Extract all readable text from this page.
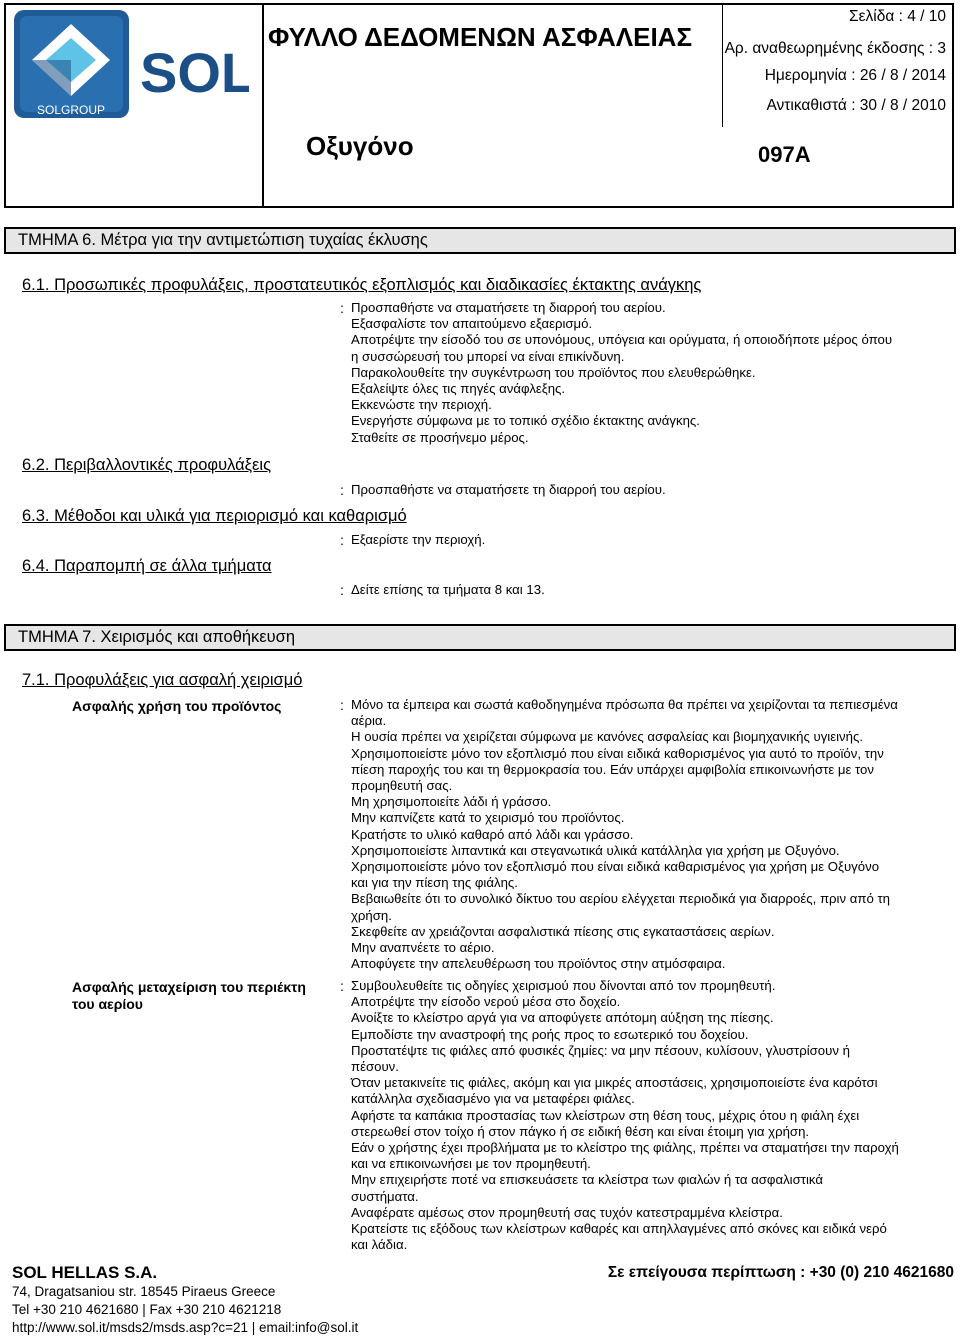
SOLGROUP
SOL
ΦΥΛΛΟ ΔΕΔΟΜΕΝΩΝ ΑΣΦΑΛΕΙΑΣ
Σελίδα : 4 / 10
Αρ. αναθεωρημένης έκδοσης : 3
Ημερομηνία : 26 / 8 / 2014
Αντικαθιστά : 30 / 8 / 2010
Οξυγόνο	097A
ΤΜΗΜΑ 6. Μέτρα για την αντιμετώπιση τυχαίας έκλυσης
6.1. Προσωπικές προφυλάξεις, προστατευτικός εξοπλισμός και διαδικασίες έκτακτης ανάγκης
: Προσπαθήστε να σταματήσετε τη διαρροή του αερίου.
Εξασφαλίστε τον απαιτούμενο εξαερισμό.
Αποτρέψτε την είσοδό του σε υπονόμους, υπόγεια και ορύγματα, ή οποιοδήποτε μέρος όπου
η συσσώρευσή του μπορεί να είναι επικίνδυνη.
Παρακολουθείτε την συγκέντρωση του προϊόντος που ελευθερώθηκε.
Εξαλείψτε όλες τις πηγές ανάφλεξης.
Εκκενώστε την περιοχή.
Ενεργήστε σύμφωνα με το τοπικό σχέδιο έκτακτης ανάγκης.
Σταθείτε σε προσήνεμο μέρος.
6.2. Περιβαλλοντικές προφυλάξεις
: Προσπαθήστε να σταματήσετε τη διαρροή του αερίου.
6.3. Μέθοδοι και υλικά για περιορισμό και καθαρισμό
: Εξαερίστε την περιοχή.
6.4. Παραπομπή σε άλλα τμήματα
: Δείτε επίσης τα τμήματα 8 και 13.
ΤΜΗΜΑ 7. Χειρισμός και αποθήκευση
7.1. Προφυλάξεις για ασφαλή χειρισμό
Ασφαλής χρήση του προϊόντος	: Μόνο τα έμπειρα και σωστά καθοδηγημένα πρόσωπα θα πρέπει να χειρίζονται τα πεπιεσμένα
αέρια.
Η ουσία πρέπει να χειρίζεται σύμφωνα με κανόνες ασφαλείας και βιομηχανικής υγιεινής.
Χρησιμοποιείστε μόνο τον εξοπλισμό που είναι ειδικά καθορισμένος για αυτό το προϊόν, την
πίεση παροχής του και τη θερμοκρασία του. Εάν υπάρχει αμφιβολία επικοινωνήστε με τον
προμηθευτή σας.
Μη χρησιμοποιείτε λάδι ή γράσσο.
Μην καπνίζετε κατά το χειρισμό του προϊόντος.
Κρατήστε το υλικό καθαρό από λάδι και γράσσο.
Χρησιμοποιείστε λιπαντικά και στεγανωτικά υλικά κατάλληλα για χρήση με Οξυγόνο.
Χρησιμοποιείστε μόνο τον εξοπλισμό που είναι ειδικά καθαρισμένος για χρήση με Οξυγόνο
και για την πίεση της φιάλης.
Βεβαιωθείτε ότι το συνολικό δίκτυο του αερίου ελέγχεται περιοδικά για διαρροές, πριν από τη
χρήση.
Σκεφθείτε αν χρειάζονται ασφαλιστικά πίεσης στις εγκαταστάσεις αερίων.
Μην αναπνέετε το αέριο.
Αποφύγετε την απελευθέρωση του προϊόντος στην ατμόσφαιρα.
Ασφαλής μεταχείριση του περιέκτη
του αερίου
: Συμβουλευθείτε τις οδηγίες χειρισμού που δίνονται από τον προμηθευτή.
Αποτρέψτε την είσοδο νερού μέσα στο δοχείο.
Ανοίξτε το κλείστρο αργά για να αποφύγετε απότομη αύξηση της πίεσης.
Εμποδίστε την αναστροφή της ροής προς το εσωτερικό του δοχείου.
Προστατέψτε τις φιάλες από φυσικές ζημίες: να μην πέσουν, κυλίσουν, γλυστρίσουν ή
πέσουν.
Όταν μετακινείτε τις φιάλες, ακόμη και για μικρές αποστάσεις, χρησιμοποιείστε ένα καρότσι
κατάλληλα σχεδιασμένο για να μεταφέρει φιάλες.
Αφήστε τα καπάκια προστασίας των κλείστρων στη θέση τους, μέχρις ότου η φιάλη έχει
στερεωθεί στον τοίχο ή στον πάγκο ή σε ειδική θέση και είναι έτοιμη για χρήση.
Εάν ο χρήστης έχει προβλήματα με το κλείστρο της φιάλης, πρέπει να σταματήσει την παροχή
και να επικοινωνήσει με τον προμηθευτή.
Μην επιχειρήστε ποτέ να επισκευάσετε τα κλείστρα των φιαλών ή τα ασφαλιστικά
συστήματα.
Αναφέρατε αμέσως στον προμηθευτή σας τυχόν κατεστραμμένα κλείστρα.
Κρατείστε τις εξόδους των κλείστρων καθαρές και απηλλαγμένες από σκόνες και ειδικά νερό
και λάδια.
SOL HELLAS S.A.
74, Dragatsaniou str. 18545 Piraeus Greece
Tel +30 210 4621680 | Fax +30 210 4621218
http://www.sol.it/msds2/msds.asp?c=21 | email:info@sol.it
Σε επείγουσα περίπτωση : +30 (0) 210 4621680
